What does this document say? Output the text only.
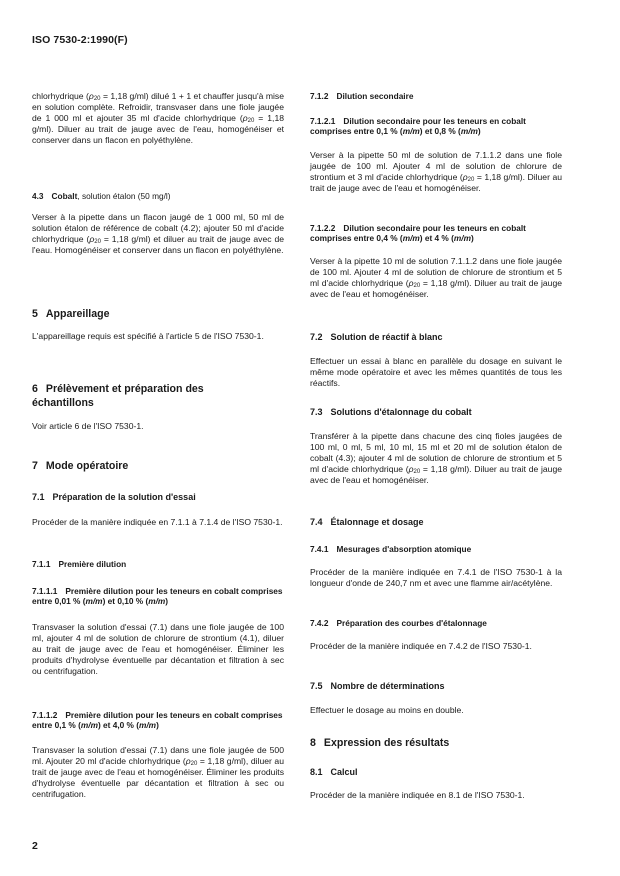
ISO 7530-2:1990(F)
chlorhydrique ($\rho_{20} = 1,18$ g/ml) dilué 1 + 1 et chauffer jusqu'à mise en solution complète. Refroidir, transvaser dans une fiole jaugée de 1 000 ml et ajouter 35 ml d'acide chlorhydrique ($\rho_{20} = 1,18$ g/ml). Diluer au trait de jauge avec de l'eau, homogénéiser et conserver dans un flacon en polyéthylène.
4.3 Cobalt, solution étalon (50 mg/l)
Verser à la pipette dans un flacon jaugé de 1 000 ml, 50 ml de solution étalon de référence de cobalt (4.2); ajouter 50 ml d'acide chlorhydrique ($\rho_{20} = 1,18$ g/ml) et diluer au trait de jauge avec de l'eau. Homogénéiser et conserver dans un flacon en polyéthylène.
5 Appareillage
L'appareillage requis est spécifié à l'article 5 de l'ISO 7530-1.
6 Prélèvement et préparation des échantillons
Voir article 6 de l'ISO 7530-1.
7 Mode opératoire
7.1 Préparation de la solution d'essai
Procéder de la manière indiquée en 7.1.1 à 7.1.4 de l'ISO 7530-1.
7.1.1 Première dilution
7.1.1.1 Première dilution pour les teneurs en cobalt comprises entre 0,01 % (m/m) et 0,10 % (m/m)
Transvaser la solution d'essai (7.1) dans une fiole jaugée de 100 ml, ajouter 4 ml de solution de chlorure de strontium (4.1), diluer au trait de jauge avec de l'eau et homogénéiser. Éliminer les produits d'hydrolyse éventuelle par décantation et filtration à sec ou centrifugation.
7.1.1.2 Première dilution pour les teneurs en cobalt comprises entre 0,1 % (m/m) et 4,0 % (m/m)
Transvaser la solution d'essai (7.1) dans une fiole jaugée de 500 ml. Ajouter 20 ml d'acide chlorhydrique ($\rho_{20} = 1,18$ g/ml), diluer au trait de jauge avec de l'eau et homogénéiser. Éliminer les produits d'hydrolyse éventuelle par décantation et filtration à sec ou centrifugation.
7.1.2 Dilution secondaire
7.1.2.1 Dilution secondaire pour les teneurs en cobalt comprises entre 0,1 % (m/m) et 0,8 % (m/m)
Verser à la pipette 50 ml de solution de 7.1.1.2 dans une fiole jaugée de 100 ml. Ajouter 4 ml de solution de chlorure de strontium et 3 ml d'acide chlorhydrique ($\rho_{20} = 1,18$ g/ml). Diluer au trait de jauge avec de l'eau et homogénéiser.
7.1.2.2 Dilution secondaire pour les teneurs en cobalt comprises entre 0,4 % (m/m) et 4 % (m/m)
Verser à la pipette 10 ml de solution 7.1.1.2 dans une fiole jaugée de 100 ml. Ajouter 4 ml de solution de chlorure de strontium et 5 ml d'acide chlorhydrique ($\rho_{20} = 1,18$ g/ml). Diluer au trait de jauge avec de l'eau et homogénéiser.
7.2 Solution de réactif à blanc
Effectuer un essai à blanc en parallèle du dosage en suivant le même mode opératoire et avec les mêmes quantités de tous les réactifs.
7.3 Solutions d'étalonnage du cobalt
Transférer à la pipette dans chacune des cinq fioles jaugées de 100 ml, 0 ml, 5 ml, 10 ml, 15 ml et 20 ml de solution étalon de cobalt (4.3); ajouter 4 ml de solution de chlorure de strontium et 5 ml d'acide chlorhydrique ($\rho_{20} = 1,18$ g/ml). Diluer au trait de jauge avec de l'eau et homogénéiser.
7.4 Étalonnage et dosage
7.4.1 Mesurages d'absorption atomique
Procéder de la manière indiquée en 7.4.1 de l'ISO 7530-1 à la longueur d'onde de 240,7 nm et avec une flamme air/acétylène.
7.4.2 Préparation des courbes d'étalonnage
Procéder de la manière indiquée en 7.4.2 de l'ISO 7530-1.
7.5 Nombre de déterminations
Effectuer le dosage au moins en double.
8 Expression des résultats
8.1 Calcul
Procéder de la manière indiquée en 8.1 de l'ISO 7530-1.
2
